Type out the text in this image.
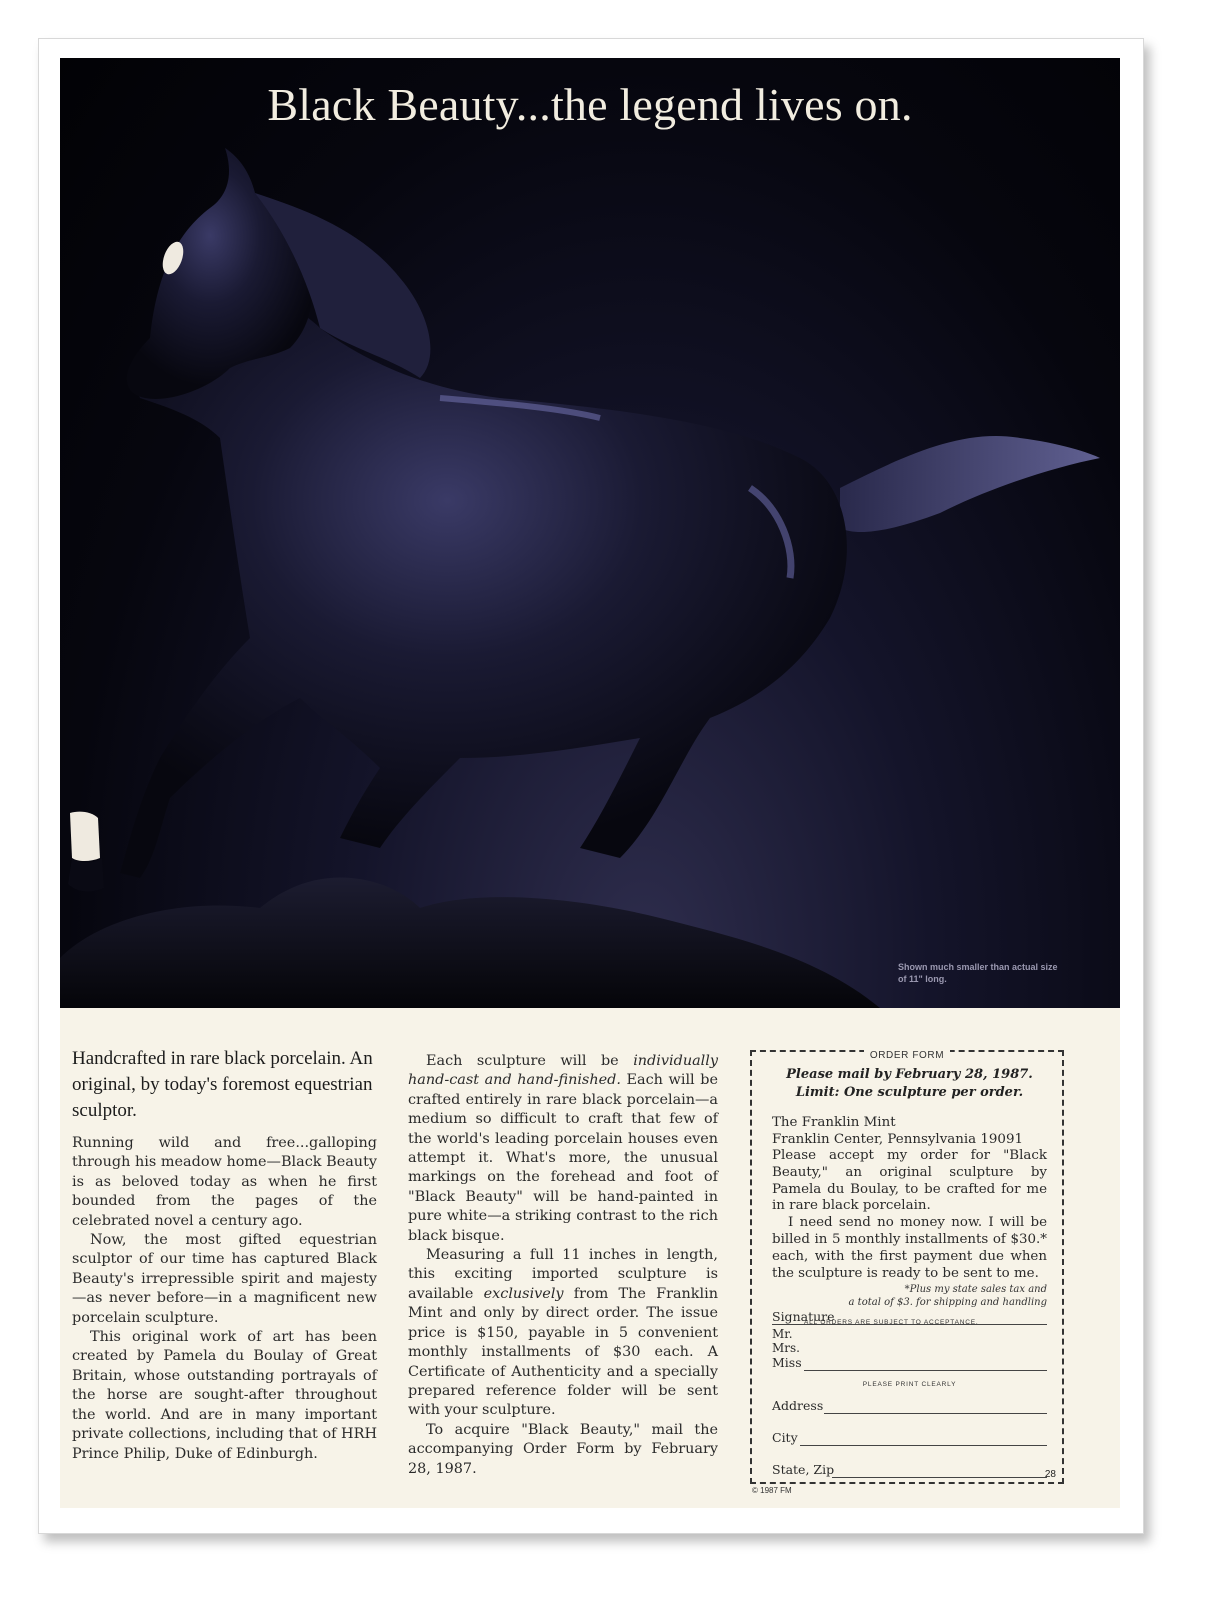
Black Beauty...the legend lives on.
Shown much smaller than actual size of 11" long.

Handcrafted in rare black porcelain. An original, by today's foremost equestrian sculptor.

Running wild and free...galloping through his meadow home—Black Beauty is as beloved today as when he first bounded from the pages of the celebrated novel a century ago.

Now, the most gifted equestrian sculptor of our time has captured Black Beauty's irrepressible spirit and majesty—as never before—in a magnificent new porcelain sculpture.

This original work of art has been created by Pamela du Boulay of Great Britain, whose outstanding portrayals of the horse are sought-after throughout the world. And are in many important private collections, including that of HRH Prince Philip, Duke of Edinburgh.

Each sculpture will be individually hand-cast and hand-finished. Each will be crafted entirely in rare black porcelain—a medium so difficult to craft that few of the world's leading porcelain houses even attempt it. What's more, the unusual markings on the forehead and foot of "Black Beauty" will be hand-painted in pure white—a striking contrast to the rich black bisque.

Measuring a full 11 inches in length, this exciting imported sculpture is available exclusively from The Franklin Mint and only by direct order. The issue price is $150, payable in 5 convenient monthly installments of $30 each. A Certificate of Authenticity and a specially prepared reference folder will be sent with your sculpture.

To acquire "Black Beauty," mail the accompanying Order Form by February 28, 1987.

ORDER FORM
Please mail by February 28, 1987.
Limit: One sculpture per order.
The Franklin Mint
Franklin Center, Pennsylvania 19091

Please accept my order for "Black Beauty," an original sculpture by Pamela du Boulay, to be crafted for me in rare black porcelain.

I need send no money now. I will be billed in 5 monthly installments of $30.* each, with the first payment due when the sculpture is ready to be sent to me.

*Plus my state sales tax and
a total of $3. for shipping and handling
Signature
ALL ORDERS ARE SUBJECT TO ACCEPTANCE.
Mr.
Mrs.
Miss
PLEASE PRINT CLEARLY
Address
City
State, Zip	28
© 1987 FM
